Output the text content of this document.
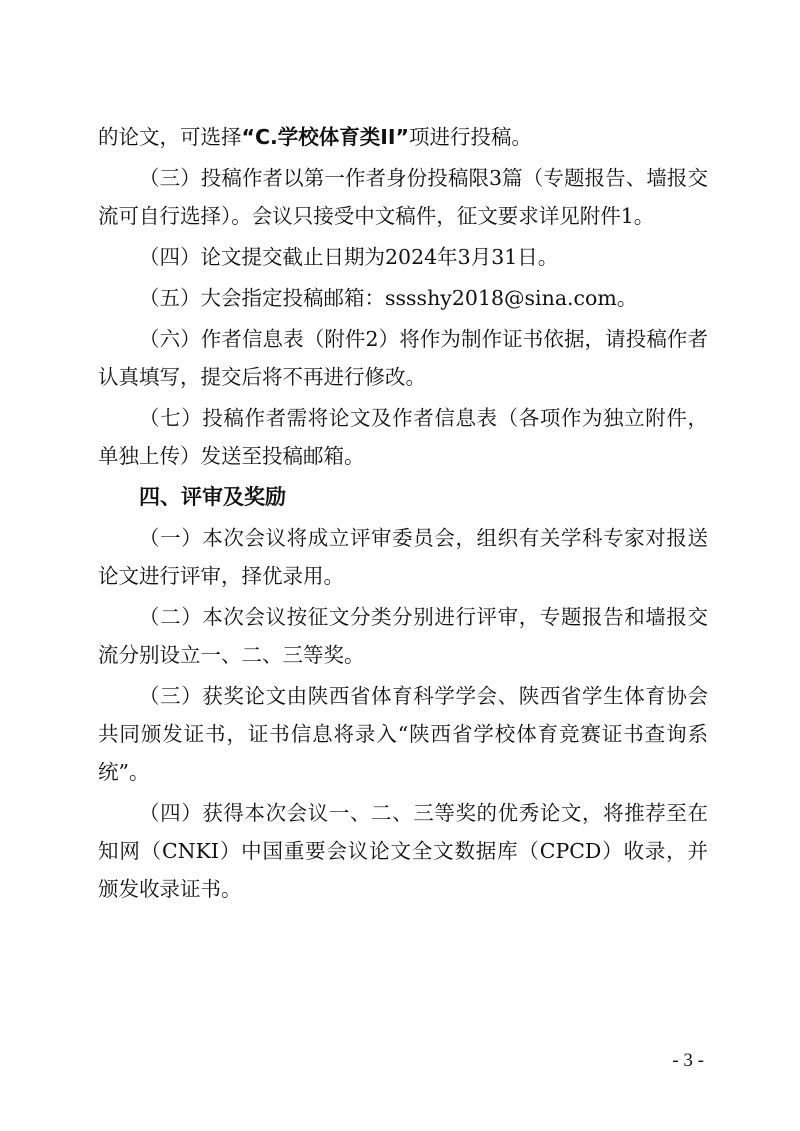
的论文，可选择“C.学校体育类II”项进行投稿。

（三）投稿作者以第一作者身份投稿限3篇（专题报告、墙报交流可自行选择）。会议只接受中文稿件，征文要求详见附件1。

（四）论文提交截止日期为2024年3月31日。

（五）大会指定投稿邮箱：sssshy2018@sina.com。

（六）作者信息表（附件2）将作为制作证书依据，请投稿作者认真填写，提交后将不再进行修改。

（七）投稿作者需将论文及作者信息表（各项作为独立附件，单独上传）发送至投稿邮箱。

四、评审及奖励

（一）本次会议将成立评审委员会，组织有关学科专家对报送论文进行评审，择优录用。

（二）本次会议按征文分类分别进行评审，专题报告和墙报交流分别设立一、二、三等奖。

（三）获奖论文由陕西省体育科学学会、陕西省学生体育协会共同颁发证书，证书信息将录入“陕西省学校体育竞赛证书查询系统”。

（四）获得本次会议一、二、三等奖的优秀论文，将推荐至在知网（CNKI）中国重要会议论文全文数据库（CPCD）收录，并颁发收录证书。

- 3 -
